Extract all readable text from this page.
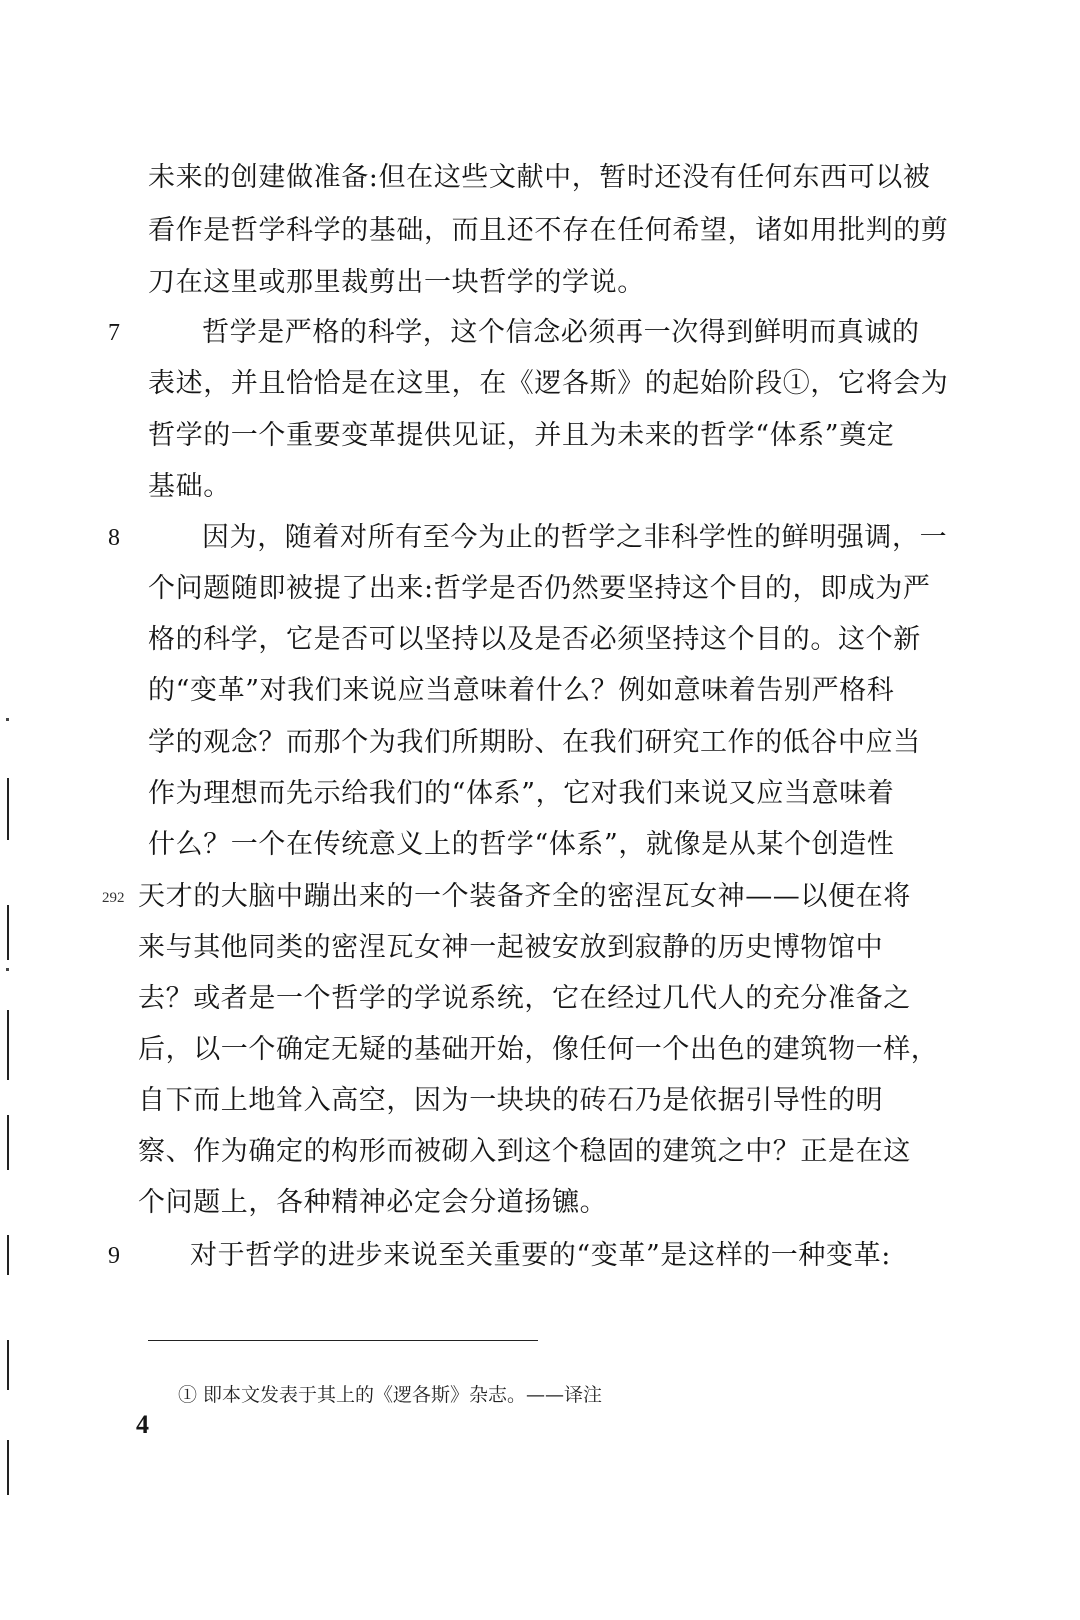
未来的创建做准备:但在这些文献中，暂时还没有任何东西可以被
看作是哲学科学的基础，而且还不存在任何希望，诸如用批判的剪
刀在这里或那里裁剪出一块哲学的学说。
7	哲学是严格的科学，这个信念必须再一次得到鲜明而真诚的
表述，并且恰恰是在这里，在《逻各斯》的起始阶段①，它将会为
哲学的一个重要变革提供见证，并且为未来的哲学“体系”奠定
基础。
8	因为，随着对所有至今为止的哲学之非科学性的鲜明强调，一
个问题随即被提了出来:哲学是否仍然要坚持这个目的，即成为严
格的科学，它是否可以坚持以及是否必须坚持这个目的。这个新
的“变革”对我们来说应当意味着什么？例如意味着告别严格科
学的观念？而那个为我们所期盼、在我们研究工作的低谷中应当
作为理想而先示给我们的“体系”，它对我们来说又应当意味着
什么？一个在传统意义上的哲学“体系”，就像是从某个创造性
292 天才的大脑中蹦出来的一个装备齐全的密涅瓦女神——以便在将
来与其他同类的密涅瓦女神一起被安放到寂静的历史博物馆中
去？或者是一个哲学的学说系统，它在经过几代人的充分准备之
后，以一个确定无疑的基础开始，像任何一个出色的建筑物一样，
自下而上地耸入高空，因为一块块的砖石乃是依据引导性的明
察、作为确定的构形而被砌入到这个稳固的建筑之中？正是在这
个问题上，各种精神必定会分道扬镳。
9	对于哲学的进步来说至关重要的“变革”是这样的一种变革:
① 即本文发表于其上的《逻各斯》杂志。——译注
4
